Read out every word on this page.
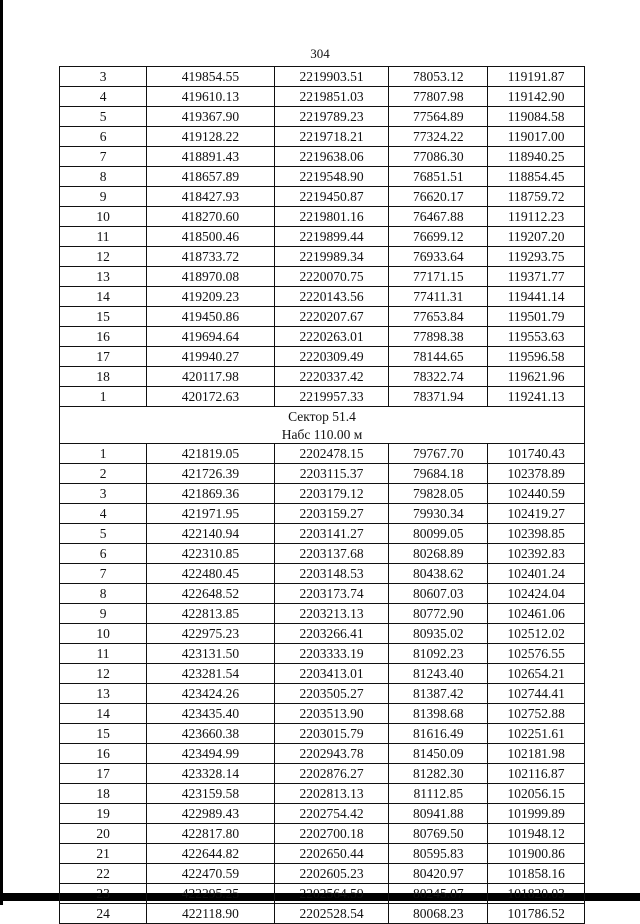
304
3	419854.55	2219903.51	78053.12	119191.87
4	419610.13	2219851.03	77807.98	119142.90
5	419367.90	2219789.23	77564.89	119084.58
6	419128.22	2219718.21	77324.22	119017.00
7	418891.43	2219638.06	77086.30	118940.25
8	418657.89	2219548.90	76851.51	118854.45
9	418427.93	2219450.87	76620.17	118759.72
10	418270.60	2219801.16	76467.88	119112.23
11	418500.46	2219899.44	76699.12	119207.20
12	418733.72	2219989.34	76933.64	119293.75
13	418970.08	2220070.75	77171.15	119371.77
14	419209.23	2220143.56	77411.31	119441.14
15	419450.86	2220207.67	77653.84	119501.79
16	419694.64	2220263.01	77898.38	119553.63
17	419940.27	2220309.49	78144.65	119596.58
18	420117.98	2220337.42	78322.74	119621.96
1	420172.63	2219957.33	78371.94	119241.13
Сектор 51.4				
Набс 110.00 м				
1	421819.05	2202478.15	79767.70	101740.43
2	421726.39	2203115.37	79684.18	102378.89
3	421869.36	2203179.12	79828.05	102440.59
4	421971.95	2203159.27	79930.34	102419.27
5	422140.94	2203141.27	80099.05	102398.85
6	422310.85	2203137.68	80268.89	102392.83
7	422480.45	2203148.53	80438.62	102401.24
8	422648.52	2203173.74	80607.03	102424.04
9	422813.85	2203213.13	80772.90	102461.06
10	422975.23	2203266.41	80935.02	102512.02
11	423131.50	2203333.19	81092.23	102576.55
12	423281.54	2203413.01	81243.40	102654.21
13	423424.26	2203505.27	81387.42	102744.41
14	423435.40	2203513.90	81398.68	102752.88
15	423660.38	2203015.79	81616.49	102251.61
16	423494.99	2202943.78	81450.09	102181.98
17	423328.14	2202876.27	81282.30	102116.87
18	423159.58	2202813.13	81112.85	102056.15
19	422989.43	2202754.42	80941.88	101999.89
20	422817.80	2202700.18	80769.50	101948.12
21	422644.82	2202650.44	80595.83	101900.86
22	422470.59	2202605.23	80420.97	101858.16
23	422295.25	2202564.59	80245.07	101820.03
24	422118.90	2202528.54	80068.23	101786.52
